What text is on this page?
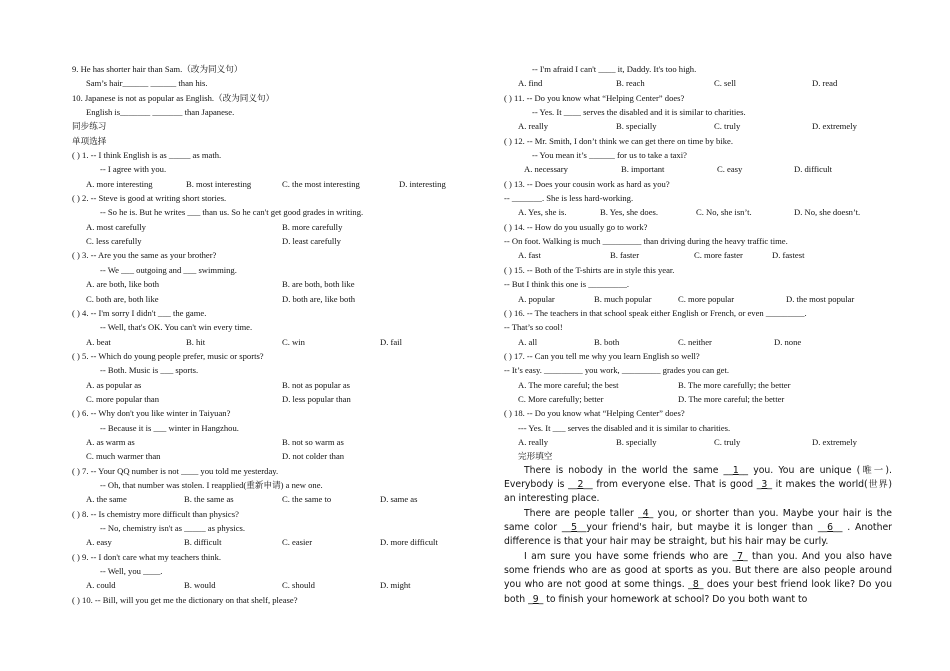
9. He has shorter hair than Sam.（改为同义句）
Sam’s hair______ ______ than his.
10. Japanese is not as popular as English.（改为同义句）
English is_______ _______ than Japanese.
同步练习
单项选择
( ) 1. -- I think English is as _____ as math.
-- I agree with you.
A. more interesting	B. most interesting	C. the most interesting	D. interesting
( ) 2. -- Steve is good at writing short stories.
-- So he is. But he writes ___ than us. So he can't get good grades in writing.
A. most carefully	B. more carefully
C. less carefully	D. least carefully
( ) 3. -- Are you the same as your brother?
-- We ___ outgoing and ___ swimming.
A. are both, like both	B. are both, both like
C. both are, both like	D. both are, like both
( ) 4. -- I'm sorry I didn't ___ the game.
-- Well, that's OK. You can't win every time.
A. beat	B. hit	C. win	D. fail
( ) 5. -- Which do young people prefer, music or sports?
-- Both. Music is ___ sports.
A. as popular as	B. not as popular as
C. more popular than	D. less popular than
( ) 6. -- Why don't you like winter in Taiyuan?
-- Because it is ___ winter in Hangzhou.
A. as warm as	B. not so warm as
C. much warmer than	D. not colder than
( ) 7. -- Your QQ number is not ____ you told me yesterday.
-- Oh, that number was stolen. I reapplied(重新申请) a new one.
A. the same	B. the same as	C. the same to	D. same as
( ) 8. -- Is chemistry more difficult than physics?
-- No, chemistry isn't as _____ as physics.
A. easy	B. difficult	C. easier	D. more difficult
( ) 9. -- I don't care what my teachers think.
-- Well, you ____.
A. could	B. would	C. should	D. might
( ) 10. -- Bill, will you get me the dictionary on that shelf, please?
-- I'm afraid I can't ____ it, Daddy. It's too high.
A. find	B. reach	C. sell	D. read
( ) 11. -- Do you know what “Helping Center” does?
-- Yes. It ____ serves the disabled and it is similar to charities.
A. really	B. specially	C. truly	D. extremely
( ) 12. -- Mr. Smith, I don’t think we can get there on time by bike.
-- You mean it’s ______ for us to take a taxi?
A. necessary	B. important	C. easy	D. difficult
( ) 13. -- Does your cousin work as hard as you?
-- _______. She is less hard-working.
A. Yes, she is.	B. Yes, she does.	C. No, she isn’t.	D. No, she doesn’t.
( ) 14. -- How do you usually go to work?
-- On foot. Walking is much _________ than driving during the heavy traffic time.
A. fast	B. faster	C. more faster	D. fastest
( ) 15. -- Both of the T-shirts are in style this year.
-- But I think this one is _________.
A. popular	B. much popular	C. more popular	D. the most popular
( ) 16. -- The teachers in that school speak either English or French, or even _________.
-- That’s so cool!
A. all	B. both	C. neither	D. none
( ) 17. -- Can you tell me why you learn English so well?
-- It’s easy. _________ you work, _________ grades you can get.
A. The more careful; the best	B. The more carefully; the better
C. More carefully; better	D. The more careful; the better
( ) 18. -- Do you know what “Helping Center” does?
--- Yes. It ___ serves the disabled and it is similar to charities.
A. really	B. specially	C. truly	D. extremely
完形填空

There is nobody in the world the same __1__ you. You are unique (唯一). Everybody is __2__ from everyone else. That is good _3_ it makes the world(世界) an interesting place.

There are people taller _4_ you, or shorter than you. Maybe your hair is the same color __5__your friend's hair, but maybe it is longer than __6__ . Another difference is that your hair may be straight, but his hair may be curly.

I am sure you have some friends who are _7_ than you. And you also have some friends who are as good at sports as you. But there are also people around you who are not good at some things. _8_ does your best friend look like? Do you both _9_ to finish your homework at school? Do you both want to
